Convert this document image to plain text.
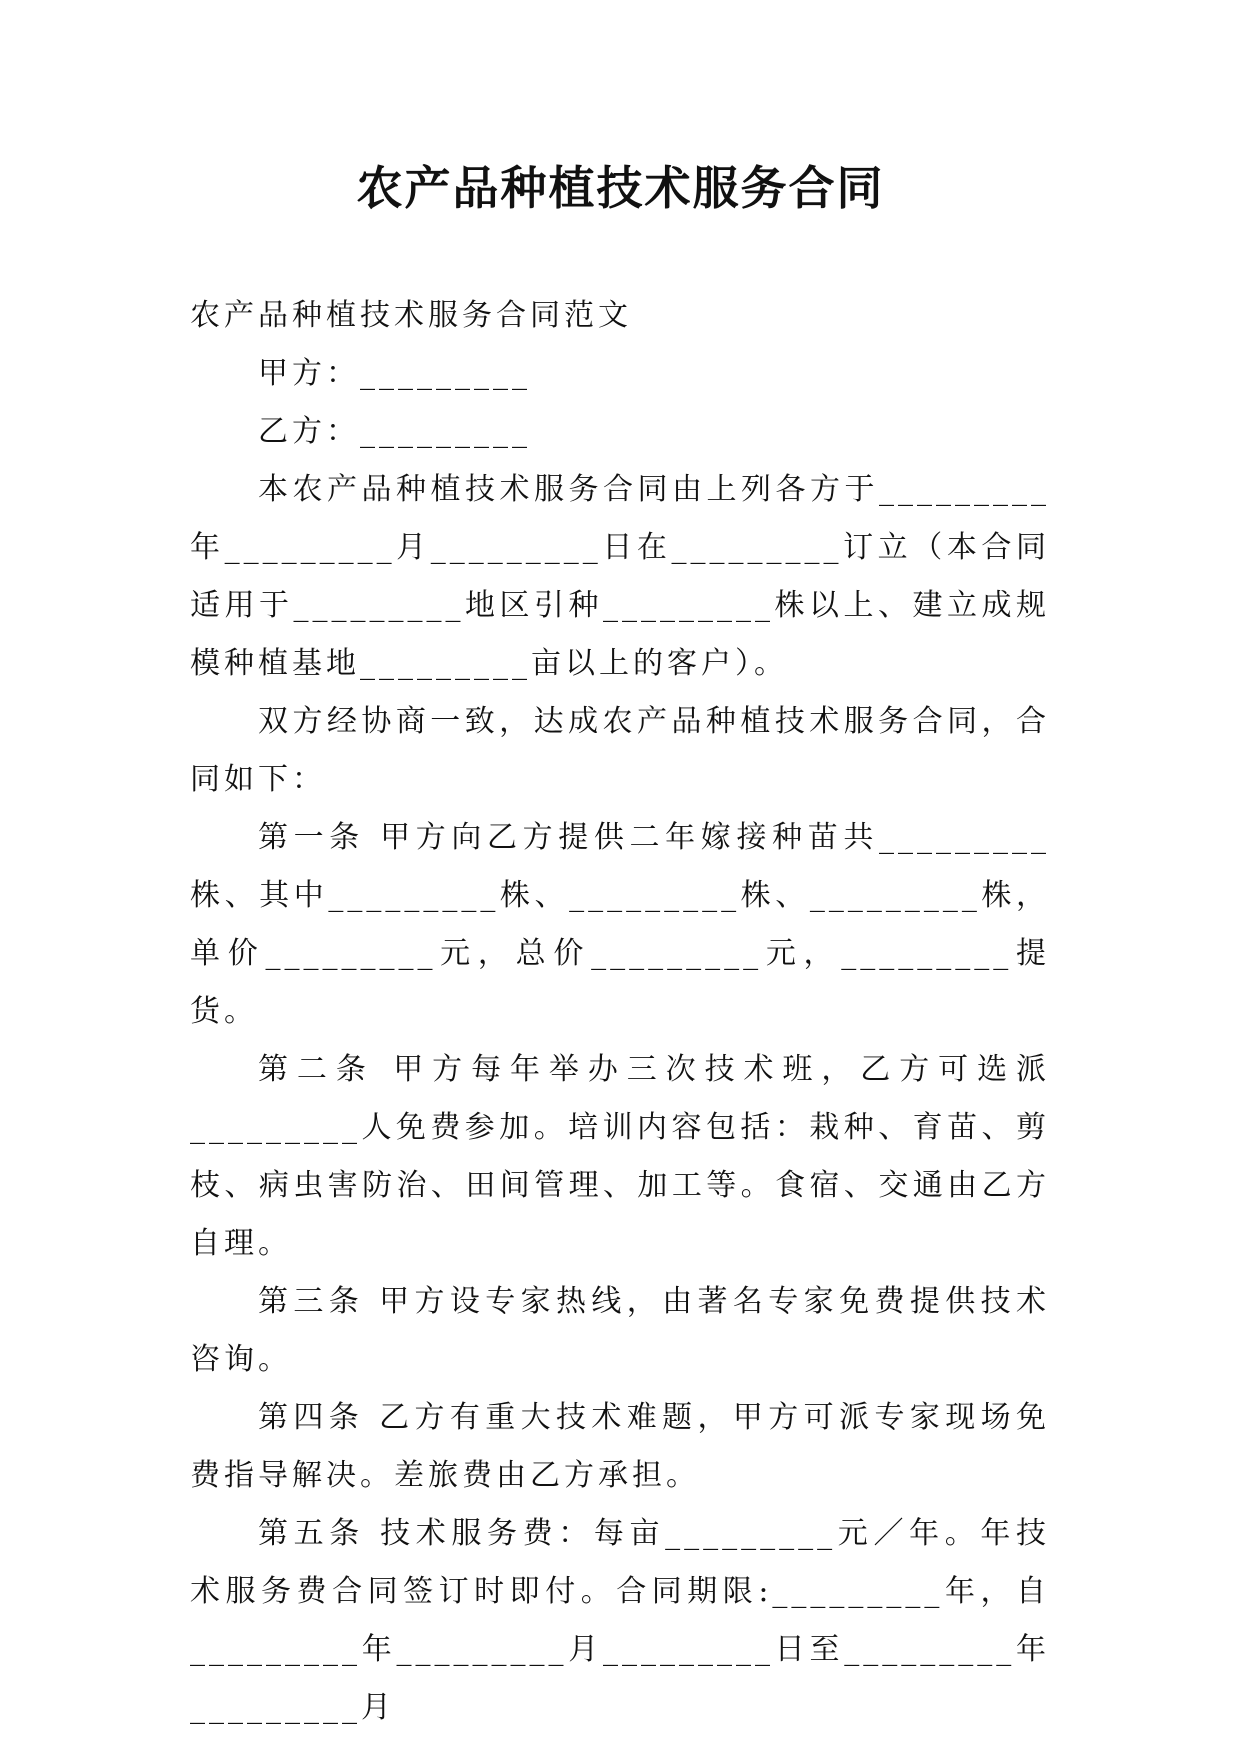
农产品种植技术服务合同

农产品种植技术服务合同范文

甲方：_________

乙方：_________

本农产品种植技术服务合同由上列各方于_________年_________月_________日在_________订立（本合同适用于_________地区引种_________株以上、建立成规模种植基地_________亩以上的客户）。

双方经协商一致，达成农产品种植技术服务合同，合同如下：

第一条 甲方向乙方提供二年嫁接种苗共_________株、其中_________株、_________株、_________株，单价_________元，总价_________元，_________提货。

第二条 甲方每年举办三次技术班，乙方可选派_________人免费参加。培训内容包括：栽种、育苗、剪枝、病虫害防治、田间管理、加工等。食宿、交通由乙方自理。

第三条 甲方设专家热线，由著名专家免费提供技术咨询。

第四条 乙方有重大技术难题，甲方可派专家现场免费指导解决。差旅费由乙方承担。

第五条 技术服务费：每亩_________元／年。年技术服务费合同签订时即付。合同期限:_________年，自_________年_________月_________日至_________年_________月
